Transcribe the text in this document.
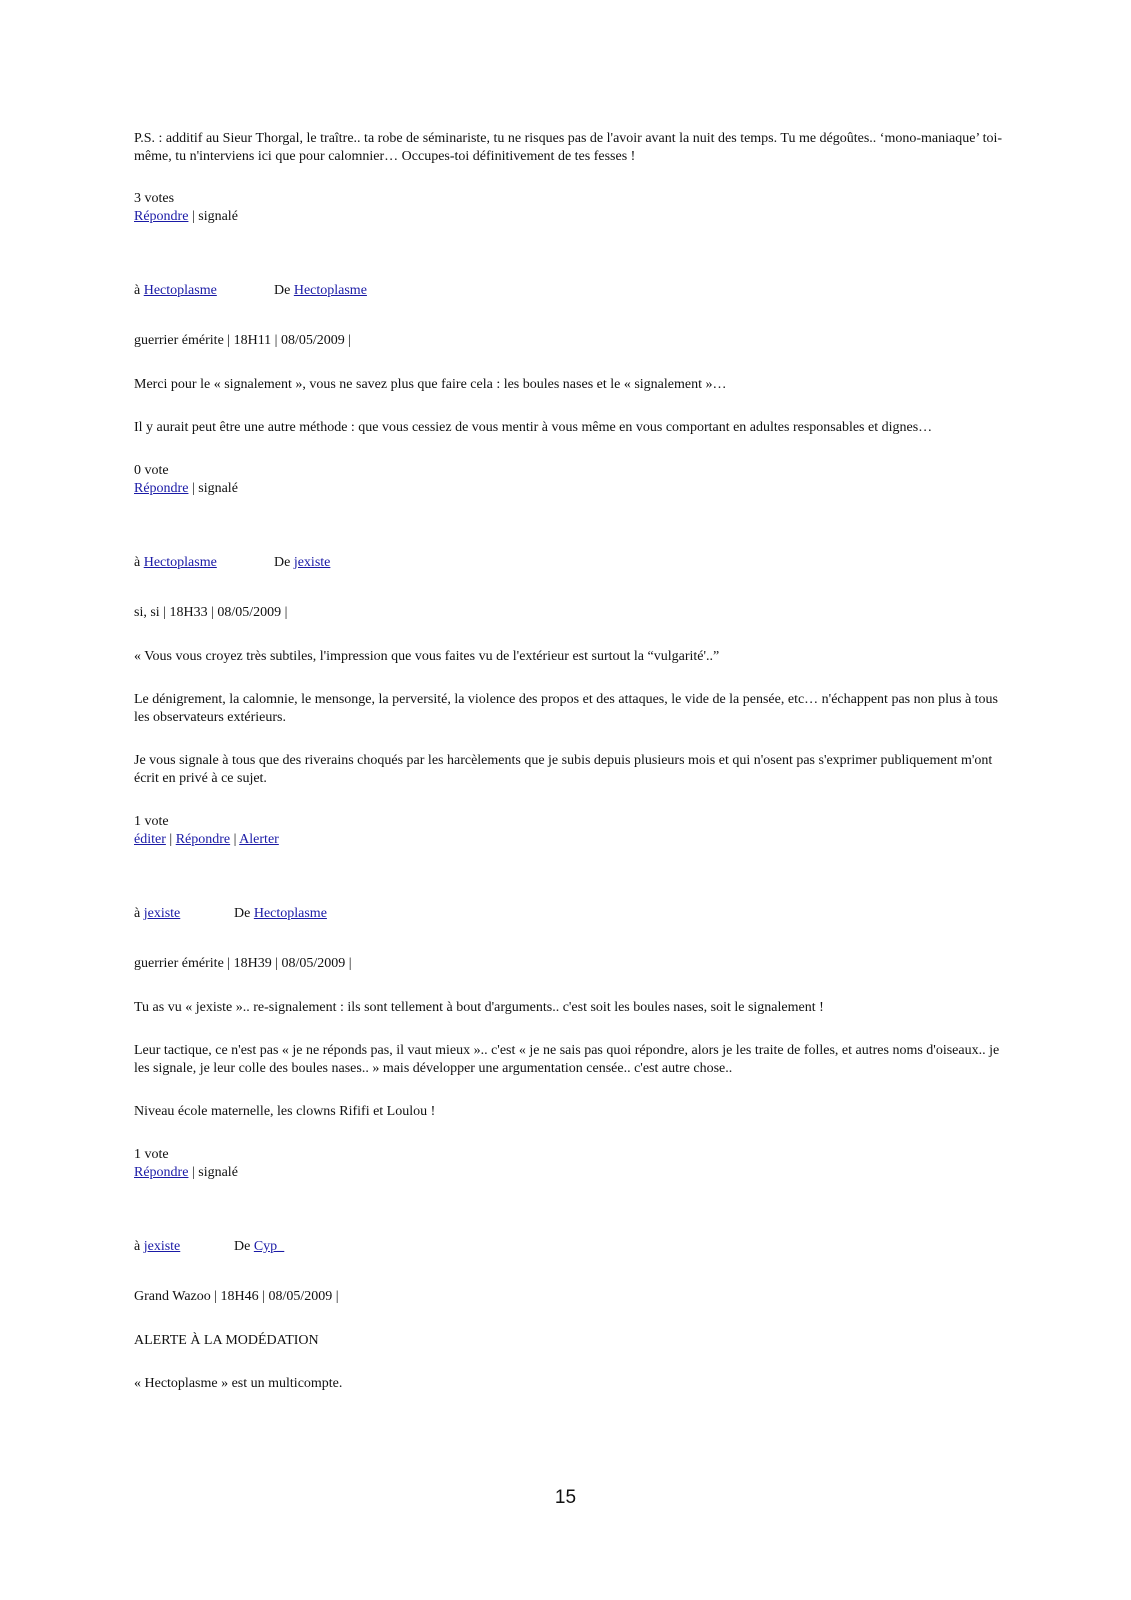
P.S. : additif au Sieur Thorgal, le traître.. ta robe de séminariste, tu ne risques pas de l'avoir avant la nuit des temps. Tu me dégoûtes.. ‘mono-maniaque’ toi-même, tu n'interviens ici que pour calomnier… Occupes-toi définitivement de tes fesses !

3 votes

Répondre | signalé

à Hectoplasme	De Hectoplasme

guerrier émérite | 18H11 | 08/05/2009 |

Merci pour le « signalement », vous ne savez plus que faire cela : les boules nases et le « signalement »…

Il y aurait peut être une autre méthode : que vous cessiez de vous mentir à vous même en vous comportant en adultes responsables et dignes…

0 vote

Répondre | signalé

à Hectoplasme	De jexiste

si, si | 18H33 | 08/05/2009 |

« Vous vous croyez très subtiles, l'impression que vous faites vu de l'extérieur est surtout la “vulgarité'..”

Le dénigrement, la calomnie, le mensonge, la perversité, la violence des propos et des attaques, le vide de la pensée, etc… n'échappent pas non plus à tous les observateurs extérieurs.

Je vous signale à tous que des riverains choqués par les harcèlements que je subis depuis plusieurs mois et qui n'osent pas s'exprimer publiquement m'ont écrit en privé à ce sujet.

1 vote

éditer | Répondre | Alerter

à jexiste	De Hectoplasme

guerrier émérite | 18H39 | 08/05/2009 |

Tu as vu « jexiste ».. re-signalement : ils sont tellement à bout d'arguments.. c'est soit les boules nases, soit le signalement !

Leur tactique, ce n'est pas « je ne réponds pas, il vaut mieux ».. c'est « je ne sais pas quoi répondre, alors je les traite de folles, et autres noms d'oiseaux.. je les signale, je leur colle des boules nases.. » mais développer une argumentation censée.. c'est autre chose..

Niveau école maternelle, les clowns Rififi et Loulou !

1 vote

Répondre | signalé

à jexiste	De Cyp_

Grand Wazoo | 18H46 | 08/05/2009 |

ALERTE À LA MODÉDATION

« Hectoplasme » est un multicompte.

15
